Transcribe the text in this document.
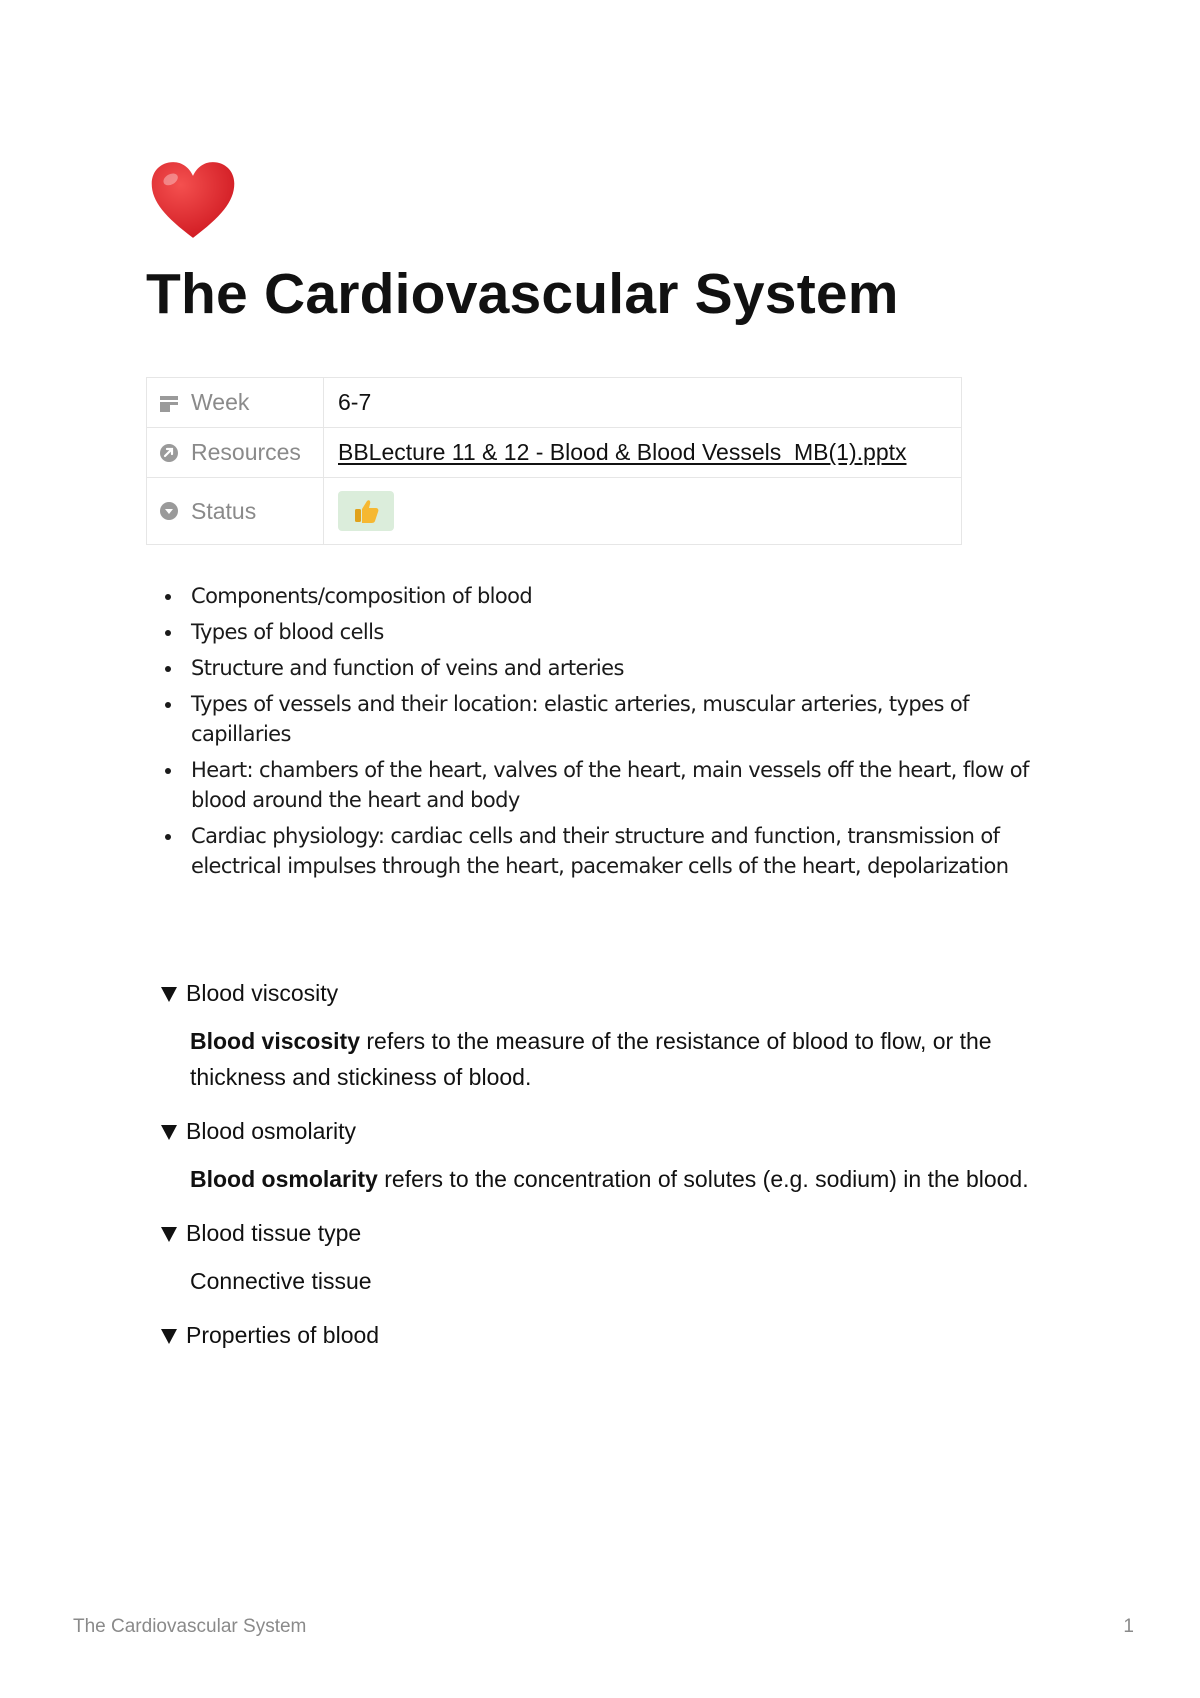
The Cardiovascular System
Week	6-7

Resources	BBLecture 11 & 12 - Blood & Blood Vessels_MB(1).pptx

Status

Components/composition of blood
Types of blood cells
Structure and function of veins and arteries
Types of vessels and their location: elastic arteries, muscular arteries, types of capillaries
Heart: chambers of the heart, valves of the heart, main vessels off the heart, flow of blood around the heart and body
Cardiac physiology: cardiac cells and their structure and function, transmission of electrical impulses through the heart, pacemaker cells of the heart, depolarization
Blood viscosity
Blood viscosity refers to the measure of the resistance of blood to flow, or the thickness and stickiness of blood.
Blood osmolarity
Blood osmolarity refers to the concentration of solutes (e.g. sodium) in the blood.
Blood tissue type
Connective tissue
Properties of blood
The Cardiovascular System	1
